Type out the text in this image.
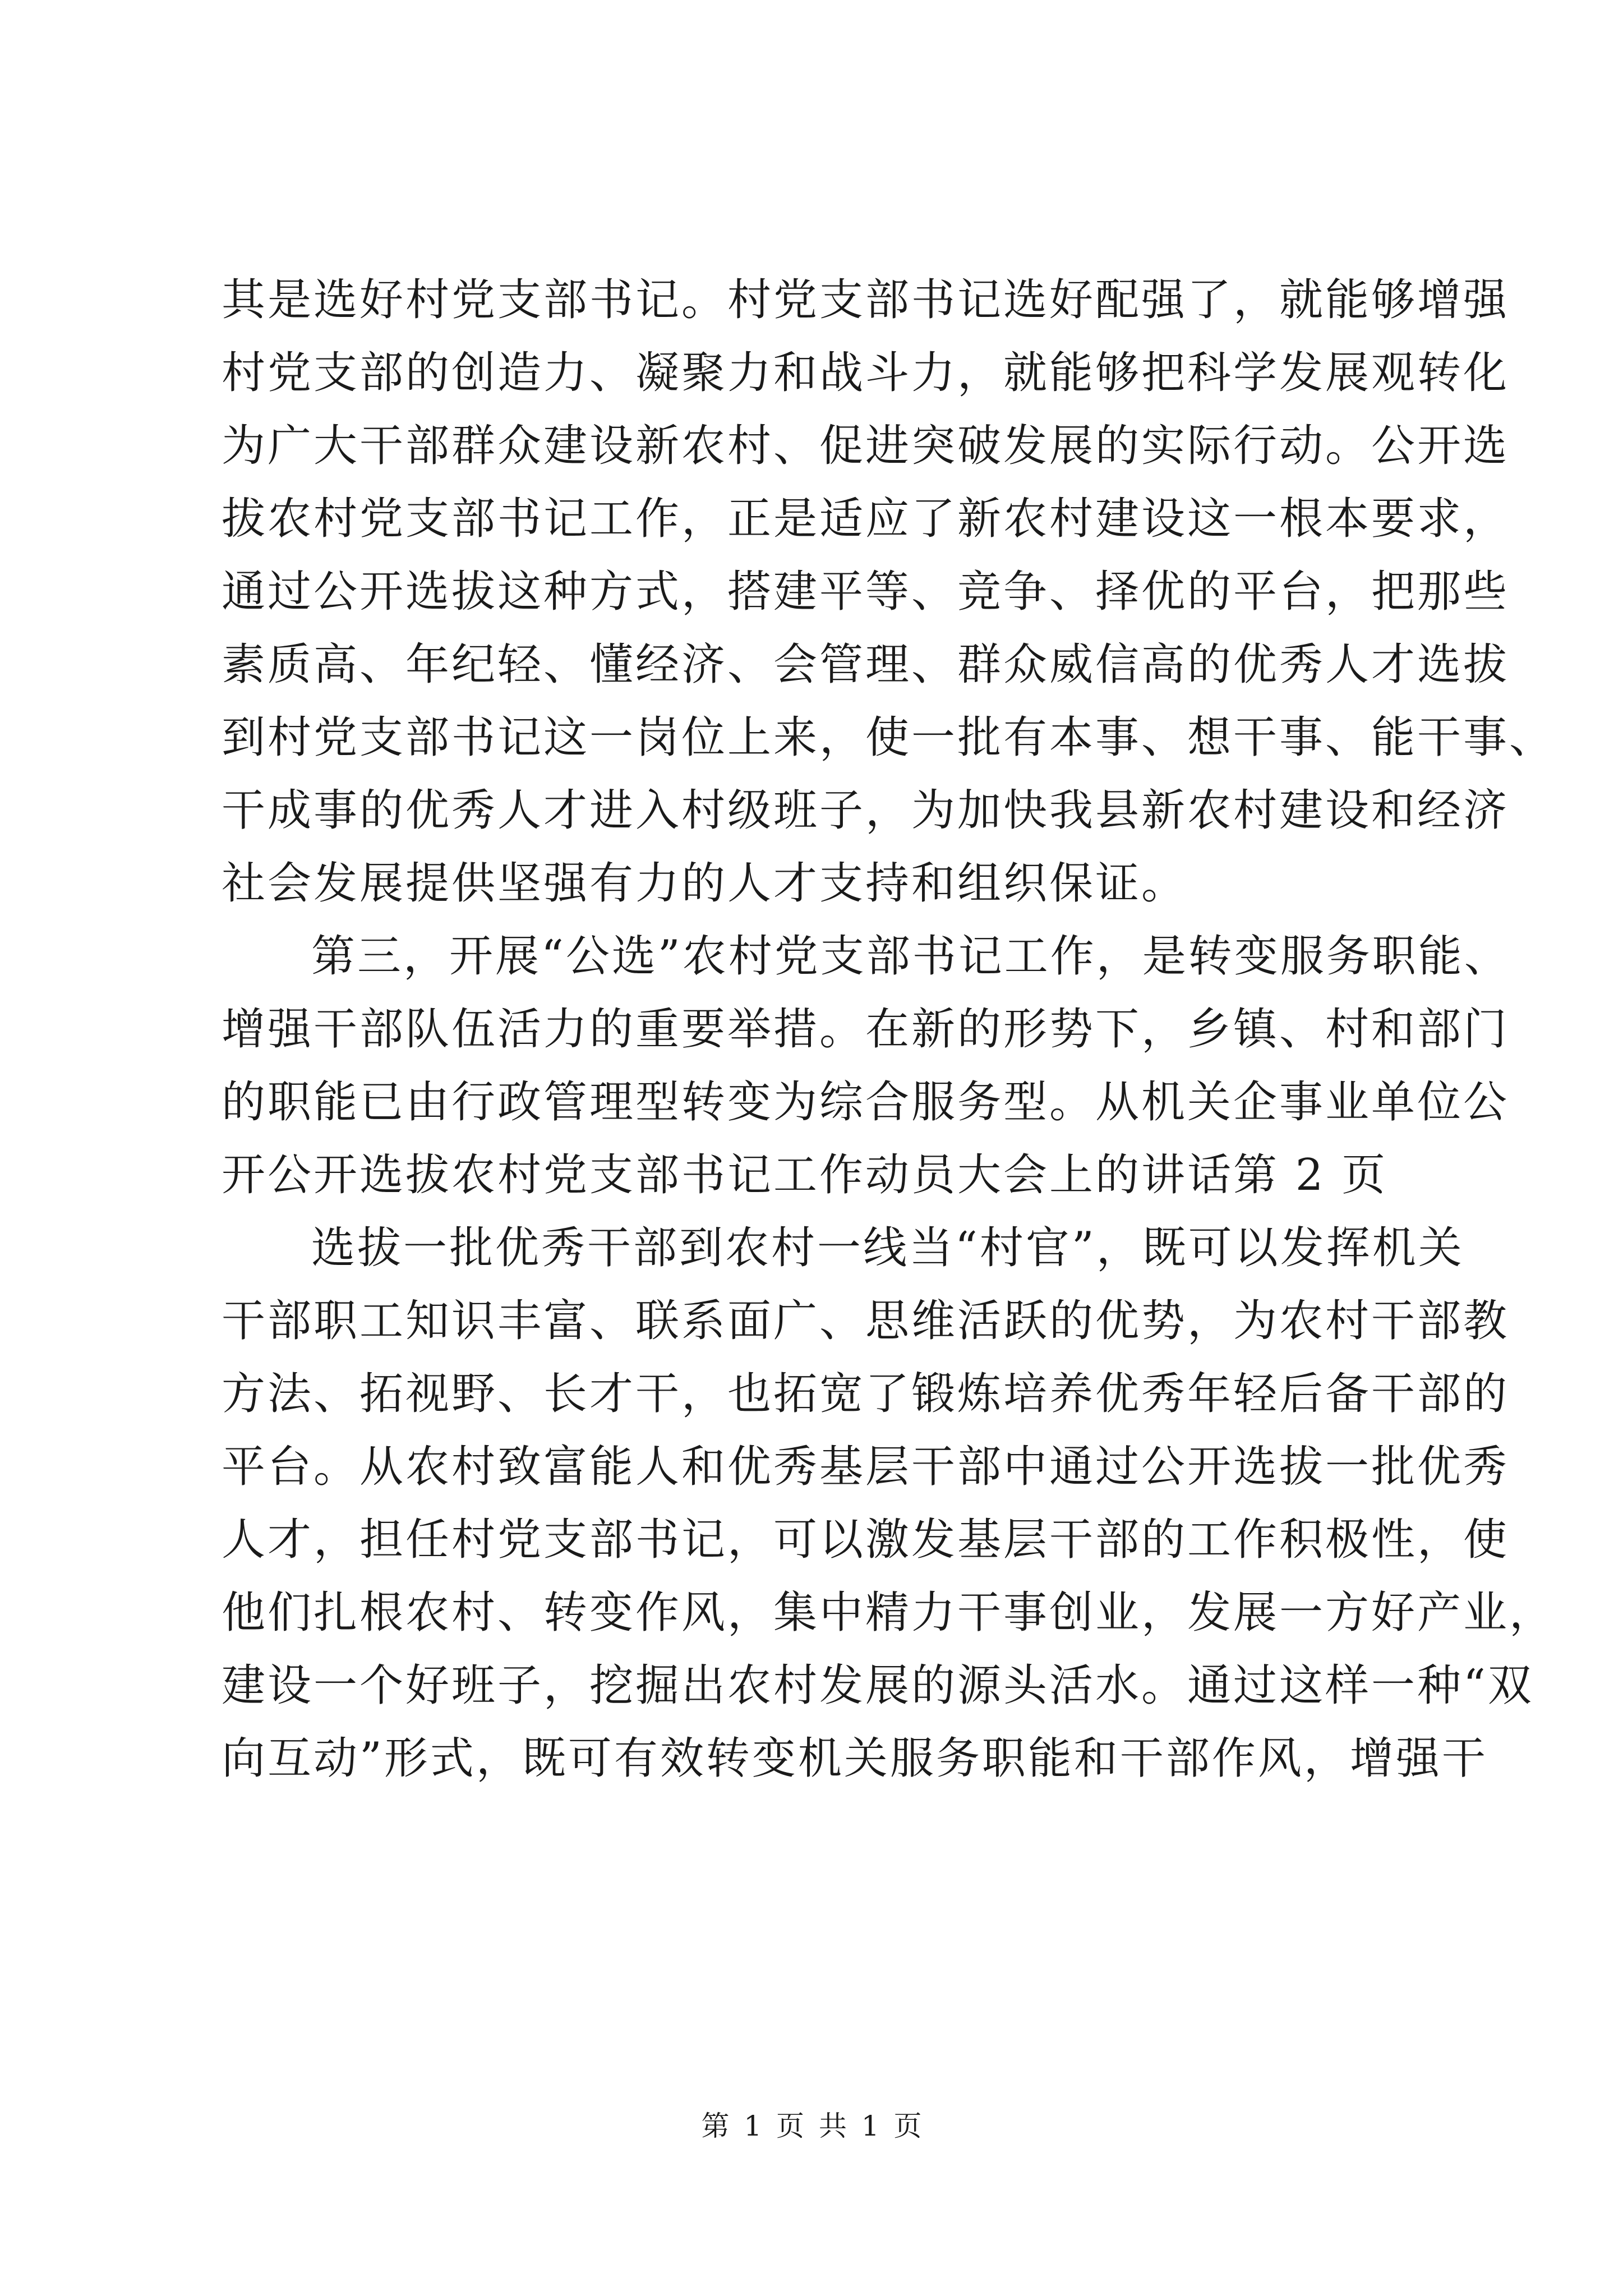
其是选好村党支部书记。村党支部书记选好配强了，就能够增强
村党支部的创造力、凝聚力和战斗力，就能够把科学发展观转化
为广大干部群众建设新农村、促进突破发展的实际行动。公开选
拔农村党支部书记工作，正是适应了新农村建设这一根本要求，
通过公开选拔这种方式，搭建平等、竞争、择优的平台，把那些
素质高、年纪轻、懂经济、会管理、群众威信高的优秀人才选拔
到村党支部书记这一岗位上来，使一批有本事、想干事、能干事、
干成事的优秀人才进入村级班子，为加快我县新农村建设和经济
社会发展提供坚强有力的人才支持和组织保证。
第三，开展“公选”农村党支部书记工作，是转变服务职能、
增强干部队伍活力的重要举措。在新的形势下，乡镇、村和部门
的职能已由行政管理型转变为综合服务型。从机关企事业单位公
开公开选拔农村党支部书记工作动员大会上的讲话第 2 页
选拔一批优秀干部到农村一线当“村官”，既可以发挥机关
干部职工知识丰富、联系面广、思维活跃的优势，为农村干部教
方法、拓视野、长才干，也拓宽了锻炼培养优秀年轻后备干部的
平台。从农村致富能人和优秀基层干部中通过公开选拔一批优秀
人才，担任村党支部书记，可以激发基层干部的工作积极性，使
他们扎根农村、转变作风，集中精力干事创业，发展一方好产业，
建设一个好班子，挖掘出农村发展的源头活水。通过这样一种“双
向互动”形式，既可有效转变机关服务职能和干部作风，增强干
第 1 页 共 1 页
